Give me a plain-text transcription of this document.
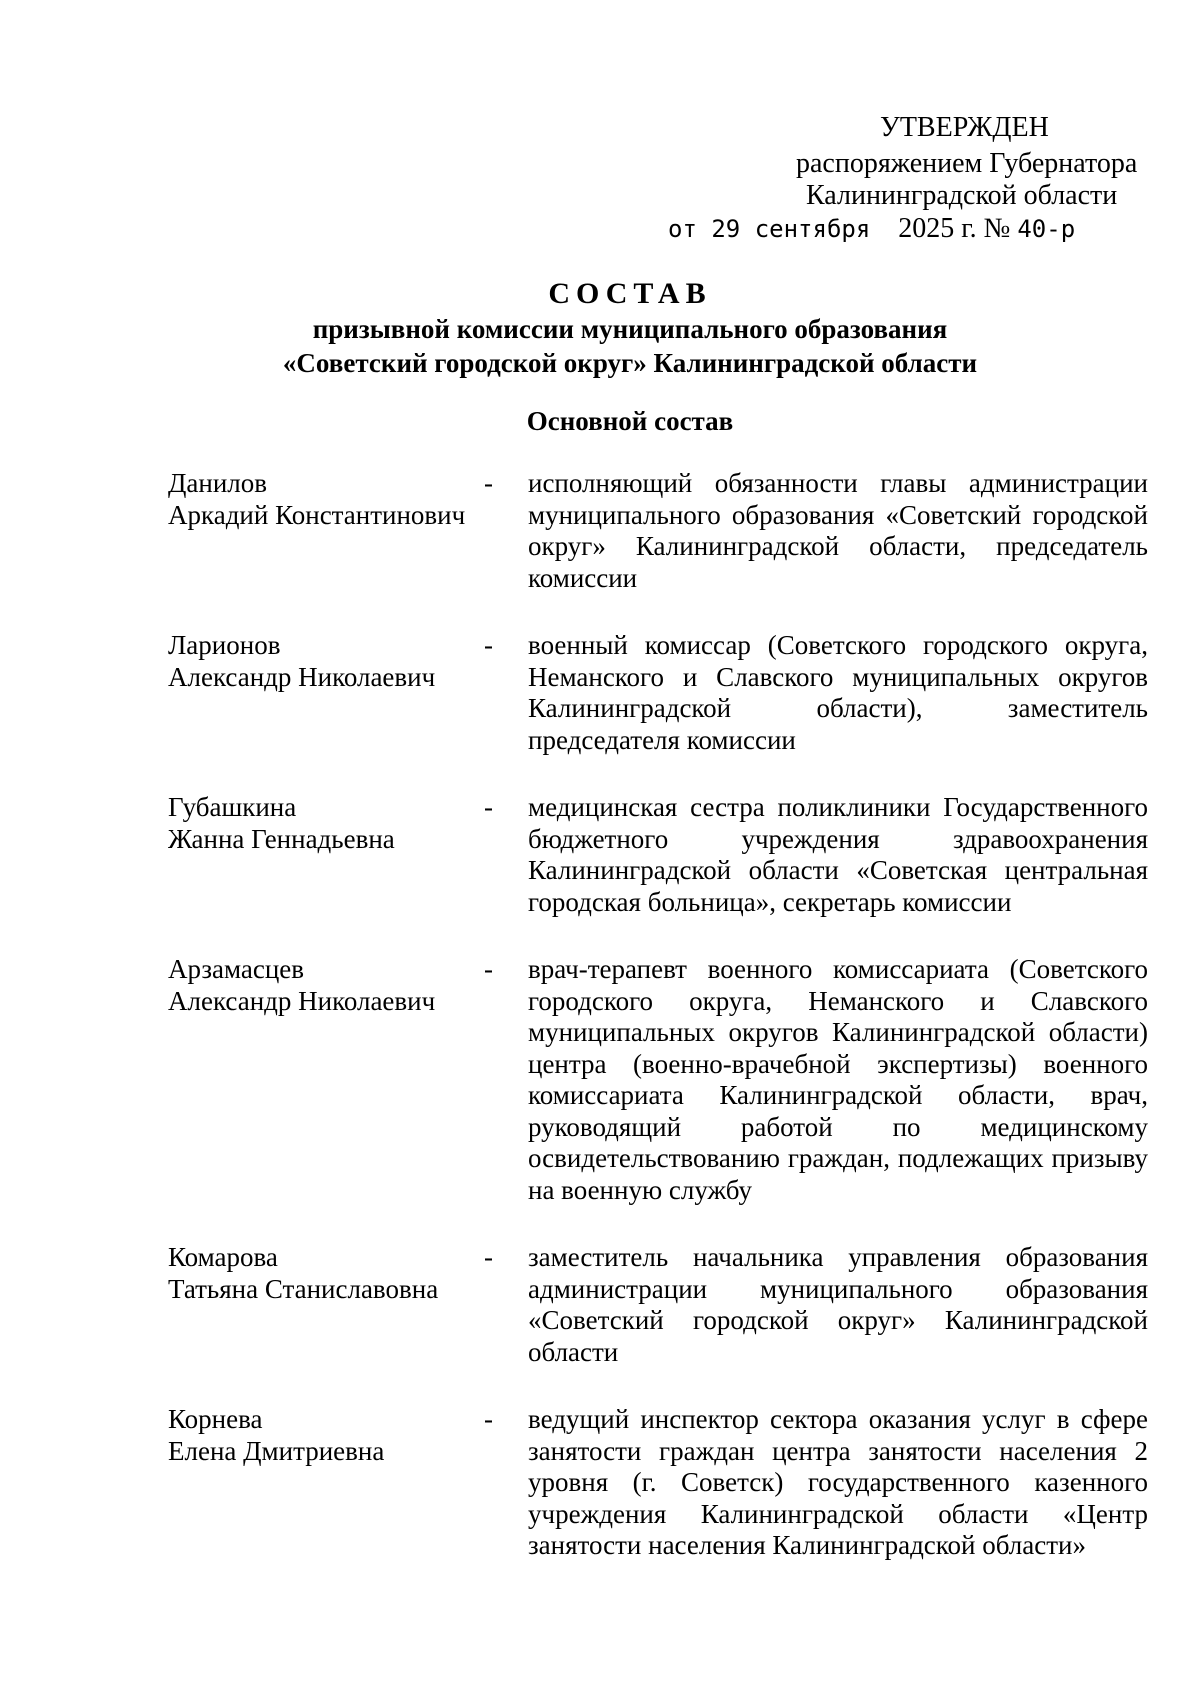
УТВЕРЖДЕН
распоряжением Губернатора
Калининградской области
от 29 сентября 2025 г. № 40-р
СОСТАВ
призывной комиссии муниципального образования
«Советский городской округ» Калининградской области
Основной состав
Данилов
Аркадий Константинович
-	исполняющий обязанности главы администрации муниципального образования «Советский городской округ» Калининградской области, председатель комиссии
Ларионов
Александр Николаевич
-	военный комиссар (Советского городского округа, Неманского и Славского муниципальных округов Калининградской области), заместитель председателя комиссии
Губашкина
Жанна Геннадьевна
-	медицинская сестра поликлиники Государственного бюджетного учреждения здравоохранения Калининградской области «Советская центральная городская больница», секретарь комиссии
Арзамасцев
Александр Николаевич
-	врач-терапевт военного комиссариата (Советского городского округа, Неманского и Славского муниципальных округов Калининградской области) центра (военно-врачебной экспертизы) военного комиссариата Калининградской области, врач, руководящий работой по медицинскому освидетельствованию граждан, подлежащих призыву на военную службу
Комарова
Татьяна Станиславовна
-	заместитель начальника управления образования администрации муниципального образования «Советский городской округ» Калининградской области
Корнева
Елена Дмитриевна
-	ведущий инспектор сектора оказания услуг в сфере занятости граждан центра занятости населения 2 уровня (г. Советск) государственного казенного учреждения Калининградской области «Центр занятости населения Калининградской области»
